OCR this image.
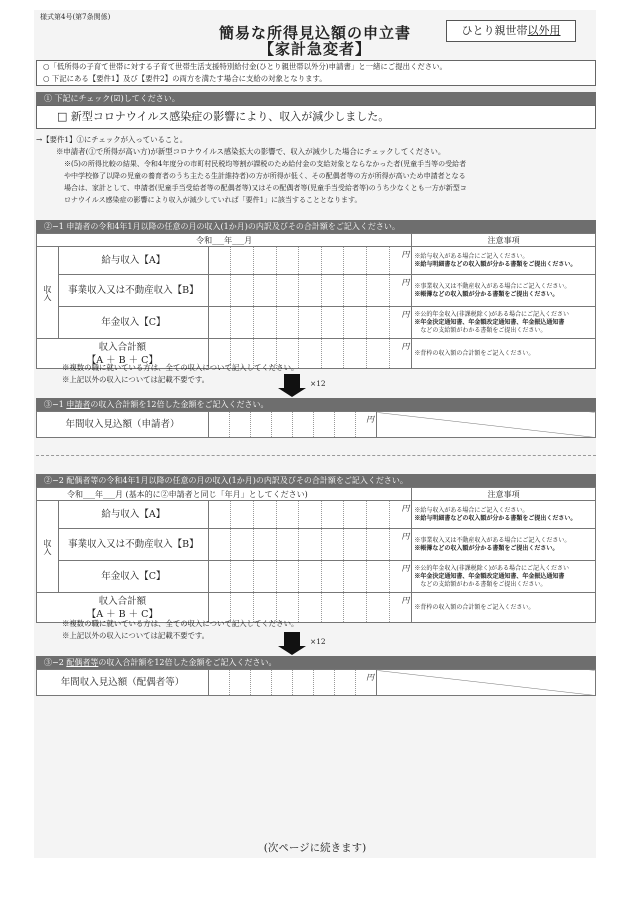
様式第4号(第7条関係)
簡易な所得見込額の申立書
【家計急変者】
ひとり親世帯以外用
○「低所得の子育て世帯に対する子育て世帯生活支援特別給付金(ひとり親世帯以外分)申請書」と一緒にご提出ください。
○ 下記にある【要件1】及び【要件2】の両方を満たす場合に支給の対象となります。
① 下記にチェック(☑)してください。
□ 新型コロナウイルス感染症の影響により、収入が減少しました。
→【要件1】①にチェックが入っていること。
※申請者(①で所得が高い方)が新型コロナウイルス感染拡大の影響で、収入が減少した場合にチェックしてください。
※(5)の所得比較の結果、令和4年度分の市町村民税均等割が課税のため給付金の支給対象とならなかった者(児童手当等の受給者
や中学校修了以降の児童の養育者のうち主たる生計維持者)の方が所得が低く、その配偶者等の方が所得が高いため申請者となる
場合は、家計として、申請者(児童手当受給者等の配偶者等)又はその配偶者等(児童手当受給者等)のうち少なくとも一方が新型コ
ロナウイルス感染症の影響により収入が減少していれば「要件1」に該当することとなります。
②−1 申請者の令和4年1月以降の任意の月の収入(1か月)の内訳及びその合計額をご記入ください。
令和___年___月			注意事項
収入	給与収入【A】	円	※給与収入がある場合にご記入ください。
※給与明細書などの収入額が分かる書類をご提出ください。

	事業収入又は不動産収入【B】	円	※事業収入又は不動産収入がある場合にご記入ください。
※帳簿などの収入額が分かる書類をご提出ください。

	年金収入【C】	円	※公的年金収入(非課税除く)がある場合にご記入ください
※年金決定通知書、年金額改定通知書、年金振込通知書
　などの支給額がわかる書類をご提出ください。

収入合計額
【A ＋ B ＋ C】		円	※背枠の収入額の合計額をご記入ください。
※複数の職に就いている方は、全ての収入について記入してください。
※上記以外の収入については記載不要です。	×12
③−1 申請者の収入合計額を12倍した金額をご記入ください。
年間収入見込額（申請者）	円

②−2 配偶者等の令和4年1月以降の任意の月の収入(1か月)の内訳及びその合計額をご記入ください。
令和___年___月 (基本的に②申請者と同じ「年月」としてください)			注意事項
収入	給与収入【A】	円	※給与収入がある場合にご記入ください。
※給与明細書などの収入額が分かる書類をご提出ください。

	事業収入又は不動産収入【B】	円	※事業収入又は不動産収入がある場合にご記入ください。
※帳簿などの収入額が分かる書類をご提出ください。

	年金収入【C】	円	※公的年金収入(非課税除く)がある場合にご記入ください
※年金決定通知書、年金額改定通知書、年金振込通知書
　などの支給額がわかる書類をご提出ください。

収入合計額
【A ＋ B ＋ C】		円	※背枠の収入額の合計額をご記入ください。
※複数の職に就いている方は、全ての収入について記入してください。
※上記以外の収入については記載不要です。
×12
③−2 配偶者等の収入合計額を12倍した金額をご記入ください。
年間収入見込額（配偶者等）	円

(次ページに続きます)
